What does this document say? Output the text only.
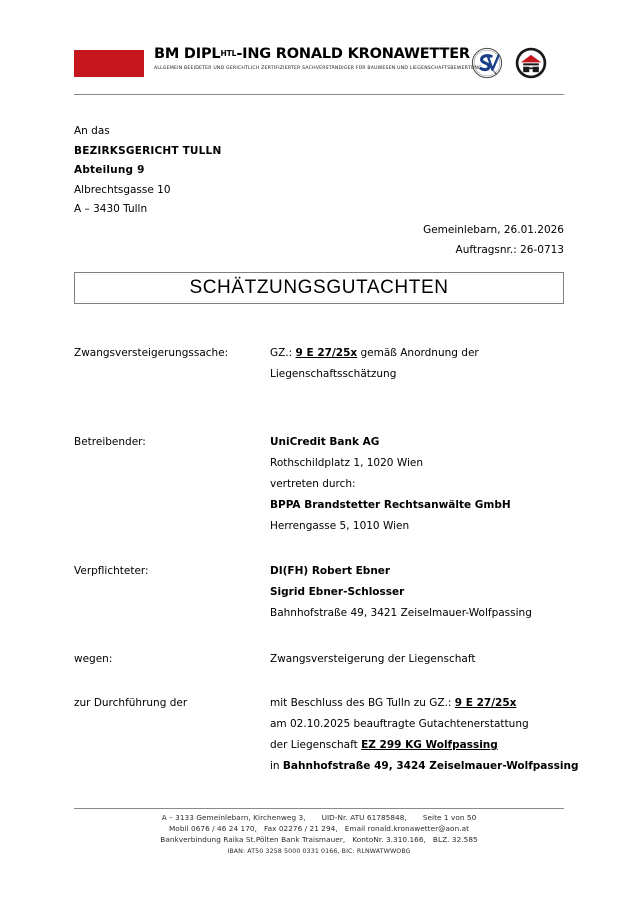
BM $DIPL^{HTL}$-ING RONALD KRONAWETTER
ALLGEMEIN BEEIDETER UND GERICHTLICH ZERTIFIZIERTER SACHVERSTÄNDIGER FÜR BAUWESEN UND LIEGENSCHAFTSBEWERTUNG
An das
BEZIRKSGERICHT TULLN
Abteilung 9
Albrechtsgasse 10
A – 3430 Tulln
Gemeinlebarn, 26.01.2026
Auftragsnr.: 26-0713
SCHÄTZUNGSGUTACHTEN
Zwangsversteigerungssache:	GZ.: 9 E 27/25x gemäß Anordnung der
Liegenschaftsschätzung
Betreibender:	UniCredit Bank AG
Rothschildplatz 1, 1020 Wien
vertreten durch:
BPPA Brandstetter Rechtsanwälte GmbH
Herrengasse 5, 1010 Wien
Verpflichteter:	DI(FH) Robert Ebner
Sigrid Ebner-Schlosser
Bahnhofstraße 49, 3421 Zeiselmauer-Wolfpassing
wegen:	Zwangsversteigerung der Liegenschaft
zur Durchführung der	mit Beschluss des BG Tulln zu GZ.: 9 E 27/25x
am 02.10.2025 beauftragte Gutachtenerstattung
der Liegenschaft EZ 299 KG Wolfpassing
in Bahnhofstraße 49, 3424 Zeiselmauer-Wolfpassing
A – 3133 Gemeinlebarn, Kirchenweg 3, UID-Nr. ATU 61785848, Seite 1 von 50
Mobil 0676 / 46 24 170, Fax 02276 / 21 294, Email ronald.kronawetter@aon.at
Bankverbindung Raika St.Pölten Bank Traismauer, KontoNr. 3.310.166, BLZ. 32.585
IBAN: AT50 3258 5000 0331 0166, BIC: RLNWATWWOBG
